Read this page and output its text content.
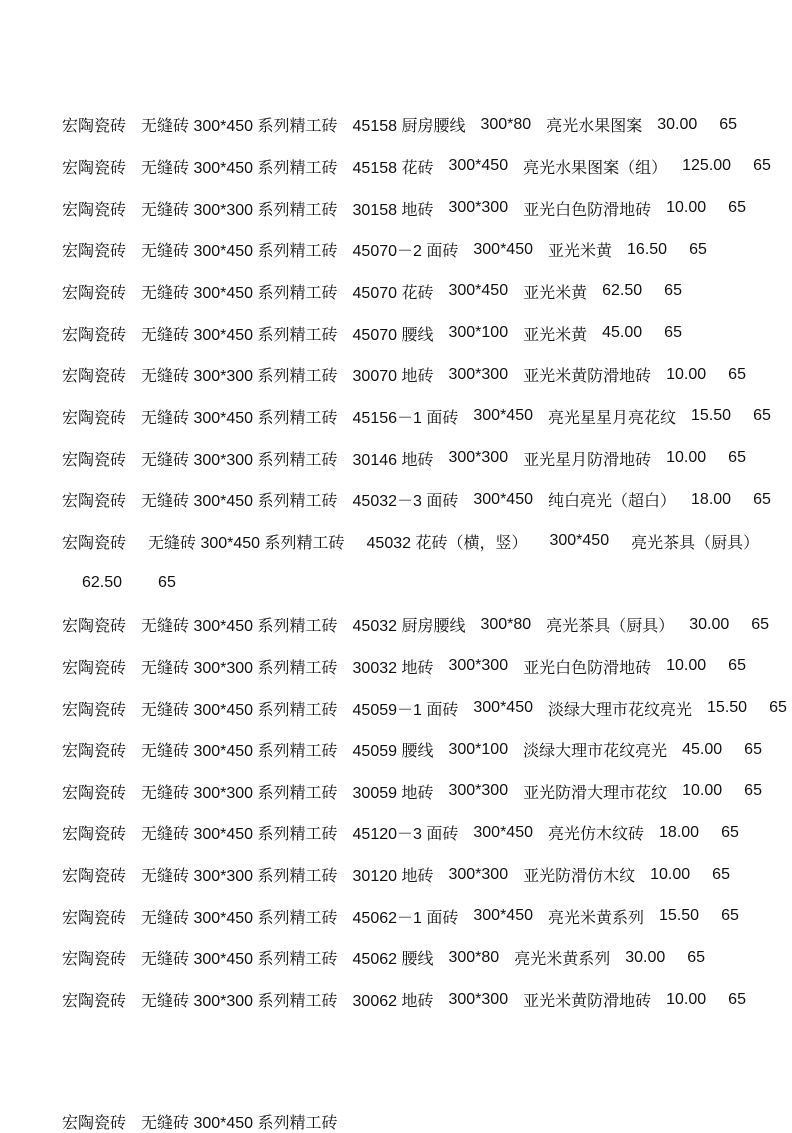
宏陶瓷砖 无缝砖 300*450 系列精工砖 45158 厨房腰线 300*80 亮光水果图案 30.00 65

宏陶瓷砖 无缝砖 300*450 系列精工砖 45158 花砖 300*450 亮光水果图案（组） 125.00 65

宏陶瓷砖 无缝砖 300*300 系列精工砖 30158 地砖 300*300 亚光白色防滑地砖 10.00 65

宏陶瓷砖 无缝砖 300*450 系列精工砖 45070－2 面砖 300*450 亚光米黄 16.50 65

宏陶瓷砖 无缝砖 300*450 系列精工砖 45070 花砖 300*450 亚光米黄 62.50 65

宏陶瓷砖 无缝砖 300*450 系列精工砖 45070 腰线 300*100 亚光米黄 45.00 65

宏陶瓷砖 无缝砖 300*300 系列精工砖 30070 地砖 300*300 亚光米黄防滑地砖 10.00 65

宏陶瓷砖 无缝砖 300*450 系列精工砖 45156－1 面砖 300*450 亮光星星月亮花纹 15.50 65

宏陶瓷砖 无缝砖 300*300 系列精工砖 30146 地砖 300*300 亚光星月防滑地砖 10.00 65

宏陶瓷砖 无缝砖 300*450 系列精工砖 45032－3 面砖 300*450 纯白亮光（超白） 18.00 65

宏陶瓷砖 无缝砖 300*450 系列精工砖 45032 花砖（横，竖） 300*450 亮光茶具（厨具）
62.50 65

宏陶瓷砖 无缝砖 300*450 系列精工砖 45032 厨房腰线 300*80 亮光茶具（厨具） 30.00 65

宏陶瓷砖 无缝砖 300*300 系列精工砖 30032 地砖 300*300 亚光白色防滑地砖 10.00 65

宏陶瓷砖 无缝砖 300*450 系列精工砖 45059－1 面砖 300*450 淡绿大理市花纹亮光 15.50 65

宏陶瓷砖 无缝砖 300*450 系列精工砖 45059 腰线 300*100 淡绿大理市花纹亮光 45.00 65

宏陶瓷砖 无缝砖 300*300 系列精工砖 30059 地砖 300*300 亚光防滑大理市花纹 10.00 65

宏陶瓷砖 无缝砖 300*450 系列精工砖 45120－3 面砖 300*450 亮光仿木纹砖 18.00 65

宏陶瓷砖 无缝砖 300*300 系列精工砖 30120 地砖 300*300 亚光防滑仿木纹 10.00 65

宏陶瓷砖 无缝砖 300*450 系列精工砖 45062－1 面砖 300*450 亮光米黄系列 15.50 65

宏陶瓷砖 无缝砖 300*450 系列精工砖 45062 腰线 300*80 亮光米黄系列 30.00 65

宏陶瓷砖 无缝砖 300*300 系列精工砖 30062 地砖 300*300 亚光米黄防滑地砖 10.00 65

宏陶瓷砖 无缝砖 300*450 系列精工砖
